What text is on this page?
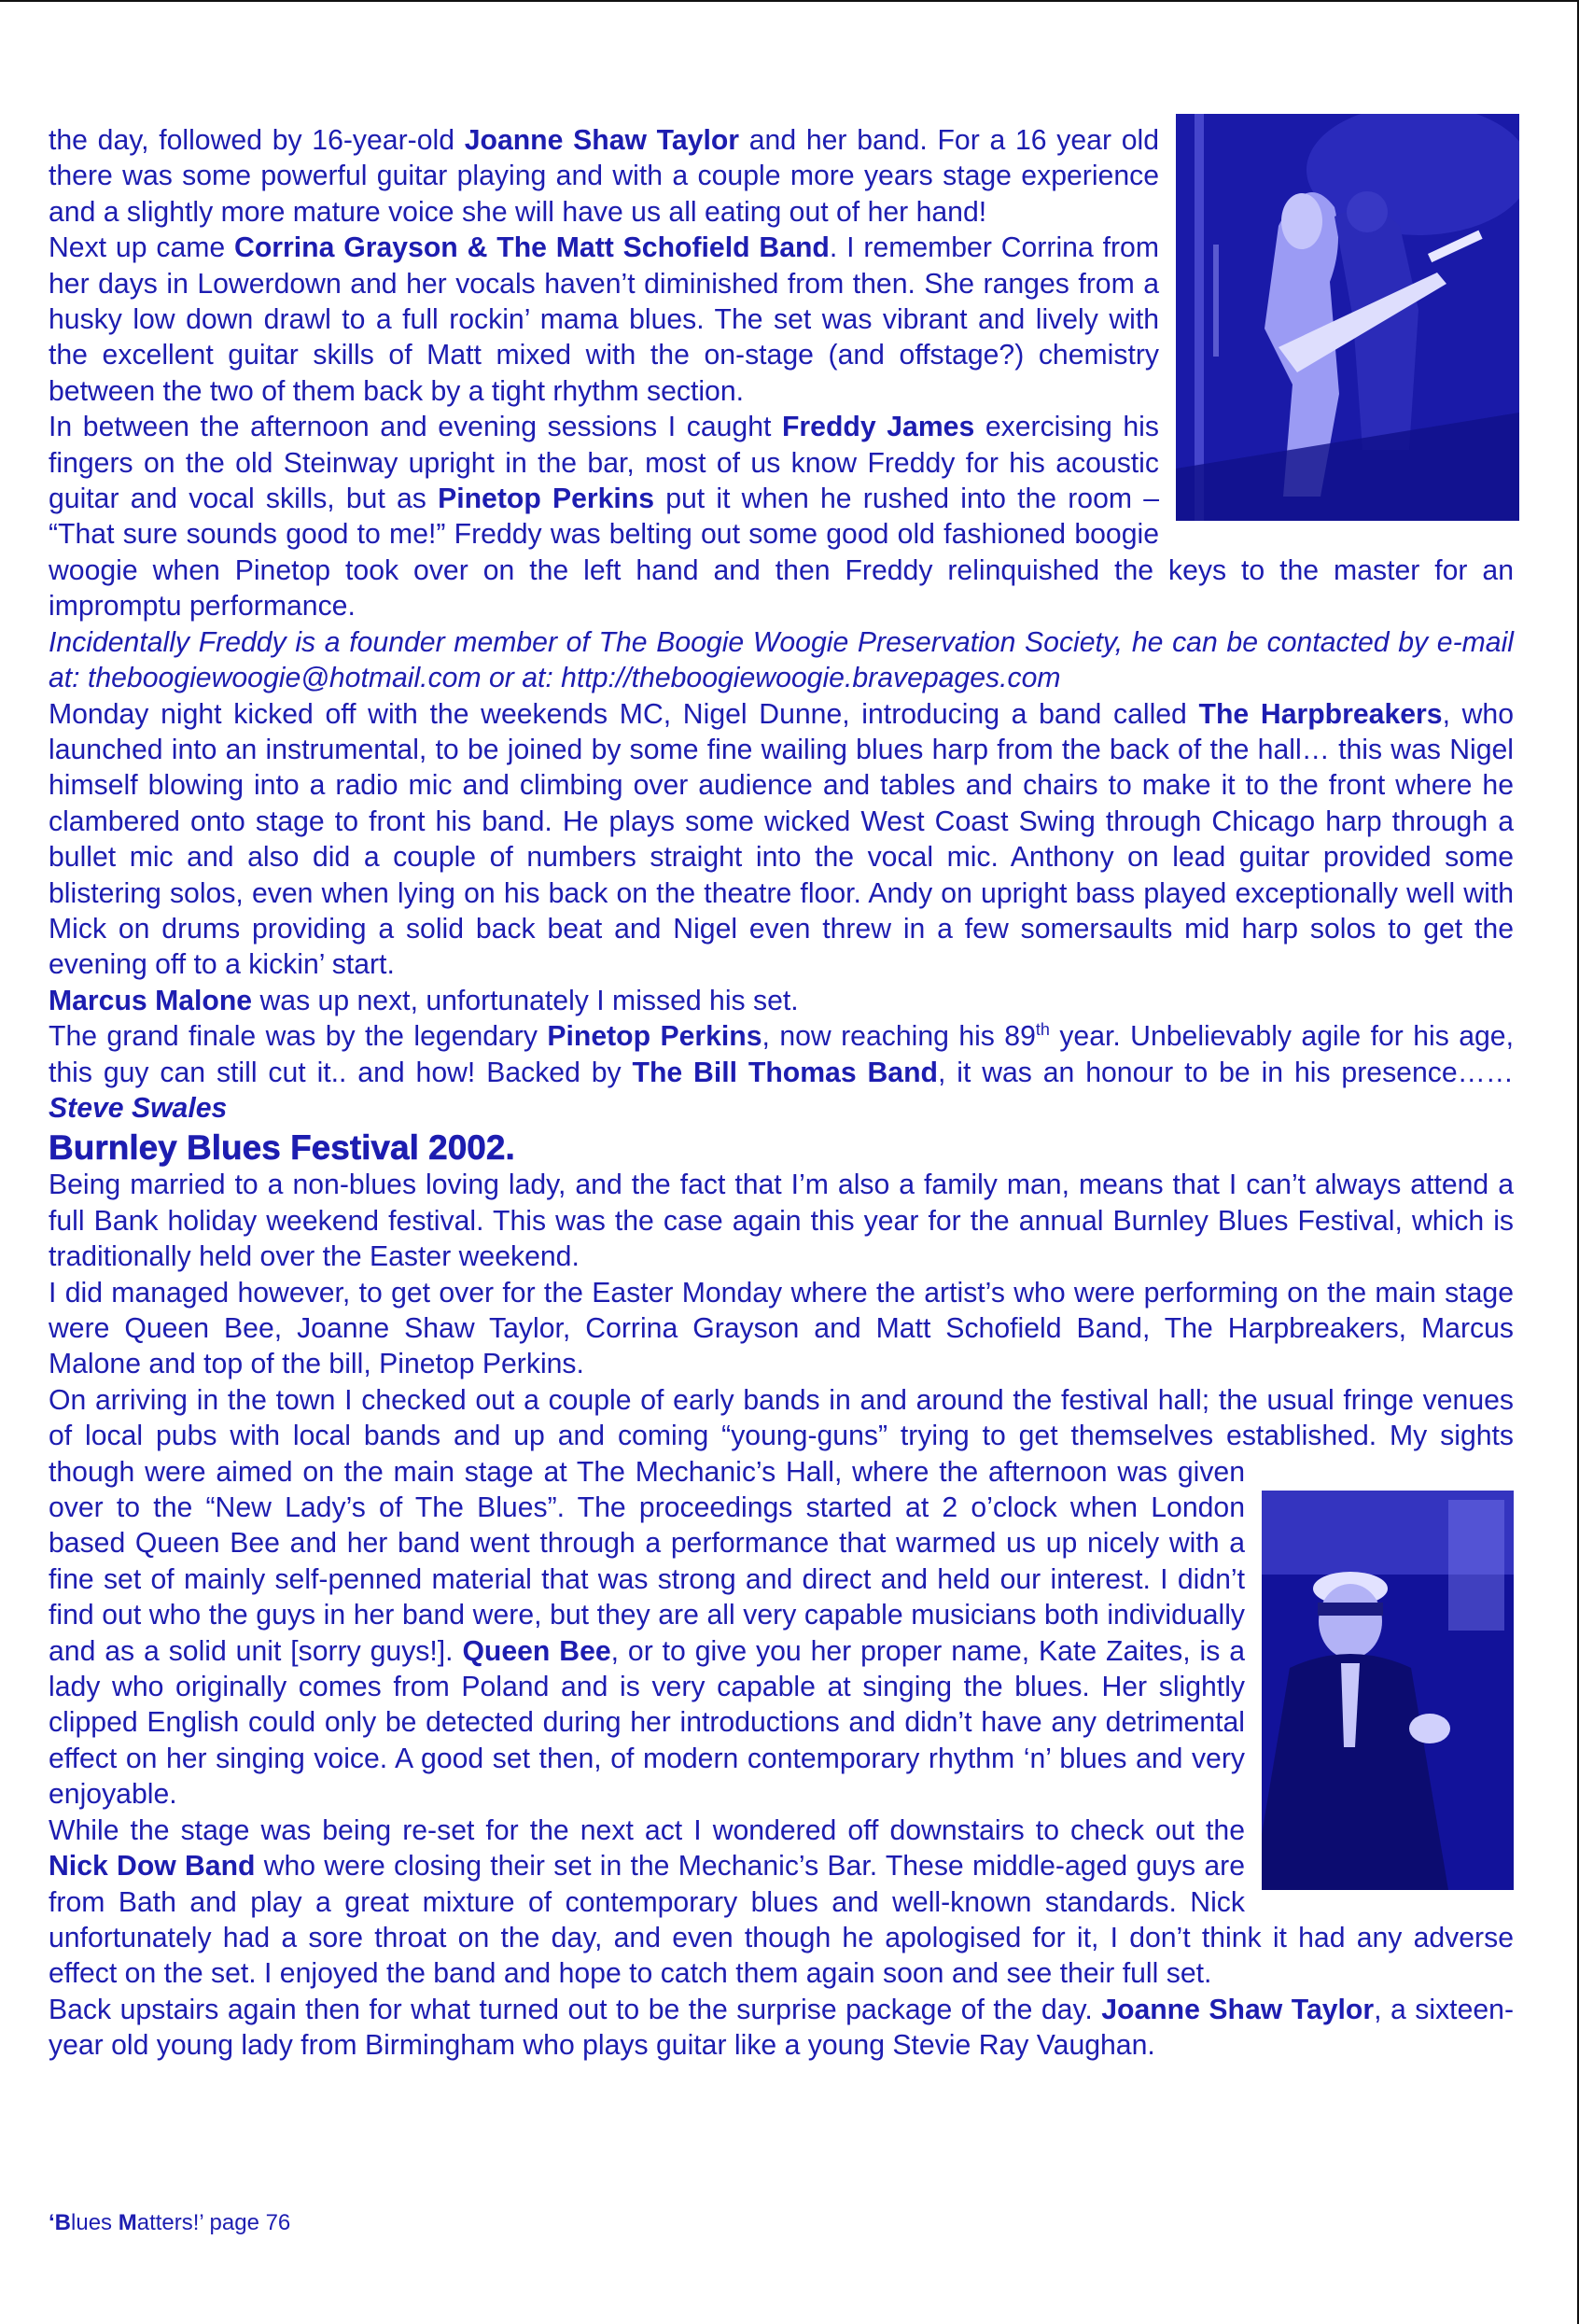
the day, followed by 16-year-old Joanne Shaw Taylor and her band. For a 16 year old there was some powerful guitar playing and with a couple more years stage experience and a slightly more mature voice she will have us all eating out of her hand!

Next up came Corrina Grayson & The Matt Schofield Band. I remember Corrina from her days in Lowerdown and her vocals haven’t diminished from then. She ranges from a husky low down drawl to a full rockin’ mama blues. The set was vibrant and lively with the excellent guitar skills of Matt mixed with the on-stage (and offstage?) chemistry between the two of them back by a tight rhythm section.

In between the afternoon and evening sessions I caught Freddy James exercising his fingers on the old Steinway upright in the bar, most of us know Freddy for his acoustic guitar and vocal skills, but as Pinetop Perkins put it when he rushed into the room – “That sure sounds good to me!” Freddy was belting out some good old fashioned boogie woogie when Pinetop took over on the left hand and then Freddy relinquished the keys to the master for an impromptu performance.

Incidentally Freddy is a founder member of The Boogie Woogie Preservation Society, he can be contacted by e-mail at: theboogiewoogie@hotmail.com or at: http://theboogiewoogie.bravepages.com

Monday night kicked off with the weekends MC, Nigel Dunne, introducing a band called The Harpbreakers, who launched into an instrumental, to be joined by some fine wailing blues harp from the back of the hall… this was Nigel himself blowing into a radio mic and climbing over audience and tables and chairs to make it to the front where he clambered onto stage to front his band. He plays some wicked West Coast Swing through Chicago harp through a bullet mic and also did a couple of numbers straight into the vocal mic. Anthony on lead guitar provided some blistering solos, even when lying on his back on the theatre floor. Andy on upright bass played exceptionally well with Mick on drums providing a solid back beat and Nigel even threw in a few somersaults mid harp solos to get the evening off to a kickin’ start.

Marcus Malone was up next, unfortunately I missed his set.

The grand finale was by the legendary Pinetop Perkins, now reaching his 89th year. Unbelievably agile for his age, this guy can still cut it.. and how! Backed by The Bill Thomas Band, it was an honour to be in his presence……Steve Swales

Burnley Blues Festival 2002.

Being married to a non-blues loving lady, and the fact that I’m also a family man, means that I can’t always attend a full Bank holiday weekend festival. This was the case again this year for the annual Burnley Blues Festival, which is traditionally held over the Easter weekend.

I did managed however, to get over for the Easter Monday where the artist’s who were performing on the main stage were Queen Bee, Joanne Shaw Taylor, Corrina Grayson and Matt Schofield Band, The Harpbreakers, Marcus Malone and top of the bill, Pinetop Perkins.

On arriving in the town I checked out a couple of early bands in and around the festival hall; the usual fringe venues of local pubs with local bands and up and coming “young-guns” trying to get themselves established. My sights though were aimed on the main stage at The Mechanic’s Hall, where the afternoon was given over to the “New Lady’s of The Blues”. The proceedings started at 2 o’clock when London based Queen Bee and her band went through a performance that warmed us up nicely with a fine set of mainly self-penned material that was strong and direct and held our interest. I didn’t find out who the guys in her band were, but they are all very capable musicians both individually and as a solid unit [sorry guys!]. Queen Bee, or to give you her proper name, Kate Zaites, is a lady who originally comes from Poland and is very capable at singing the blues. Her slightly clipped English could only be detected during her introductions and didn’t have any detrimental effect on her singing voice. A good set then, of modern contemporary rhythm ‘n’ blues and very enjoyable.

While the stage was being re-set for the next act I wondered off downstairs to check out the Nick Dow Band who were closing their set in the Mechanic’s Bar. These middle-aged guys are from Bath and play a great mixture of contemporary blues and well-known standards. Nick unfortunately had a sore throat on the day, and even though he apologised for it, I don’t think it had any adverse effect on the set. I enjoyed the band and hope to catch them again soon and see their full set.

Back upstairs again then for what turned out to be the surprise package of the day. Joanne Shaw Taylor, a sixteen-year old young lady from Birmingham who plays guitar like a young Stevie Ray Vaughan.

‘Blues Matters!’ page 76
